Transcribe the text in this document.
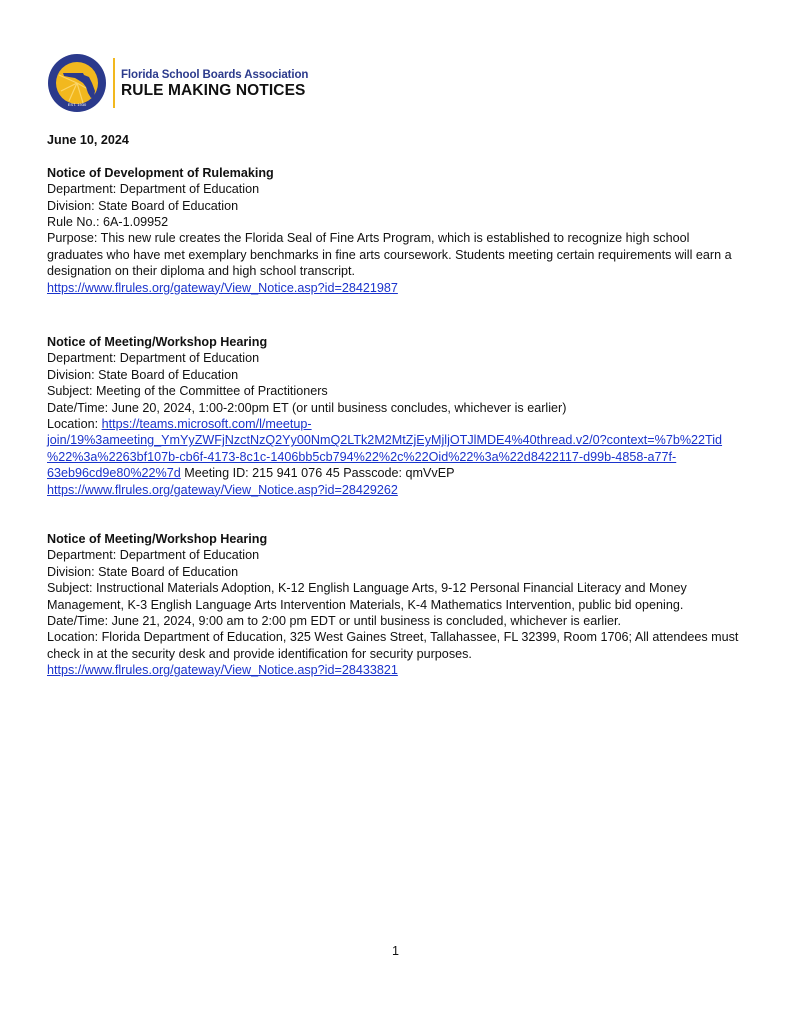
EST. 1930
Florida School Boards Association
RULE MAKING NOTICES
June 10, 2024
Notice of Development of Rulemaking
Department: Department of Education
Division: State Board of Education
Rule No.: 6A-1.09952
Purpose: This new rule creates the Florida Seal of Fine Arts Program, which is established to recognize high school graduates who have met exemplary benchmarks in fine arts coursework. Students meeting certain requirements will earn a designation on their diploma and high school transcript.
https://www.flrules.org/gateway/View_Notice.asp?id=28421987
Notice of Meeting/Workshop Hearing
Department: Department of Education
Division: State Board of Education
Subject: Meeting of the Committee of Practitioners
Date/Time: June 20, 2024, 1:00-2:00pm ET (or until business concludes, whichever is earlier)
Location: https://teams.microsoft.com/l/meetup-
join/19%3ameeting_YmYyZWFjNzctNzQ2Yy00NmQ2LTk2M2MtZjEyMjljOTJlMDE4%40thread.v2/0?context=%7b%22Tid
%22%3a%2263bf107b-cb6f-4173-8c1c-1406bb5cb794%22%2c%22Oid%22%3a%22d8422117-d99b-4858-a77f-
63eb96cd9e80%22%7d Meeting ID: 215 941 076 45 Passcode: qmVvEP
https://www.flrules.org/gateway/View_Notice.asp?id=28429262
Notice of Meeting/Workshop Hearing
Department: Department of Education
Division: State Board of Education
Subject: Instructional Materials Adoption, K-12 English Language Arts, 9-12 Personal Financial Literacy and Money Management, K-3 English Language Arts Intervention Materials, K-4 Mathematics Intervention, public bid opening.
Date/Time: June 21, 2024, 9:00 am to 2:00 pm EDT or until business is concluded, whichever is earlier.
Location: Florida Department of Education, 325 West Gaines Street, Tallahassee, FL 32399, Room 1706; All attendees must check in at the security desk and provide identification for security purposes.
https://www.flrules.org/gateway/View_Notice.asp?id=28433821
1
